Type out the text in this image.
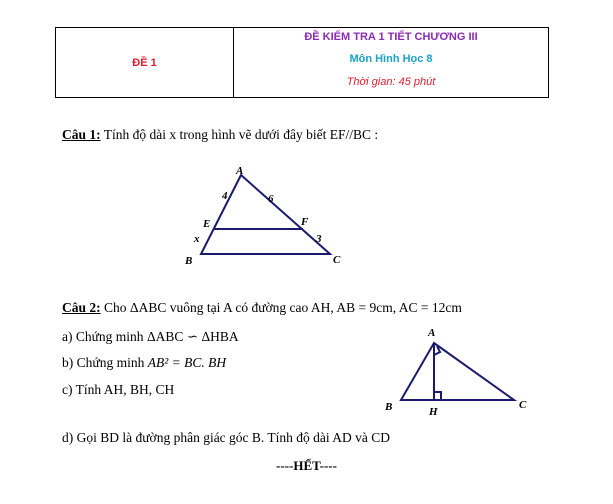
ĐỀ 1
ĐỀ KIỂM TRA 1 TIẾT CHƯƠNG III
Môn Hình Học 8
Thời gian: 45 phút
Câu 1: Tính độ dài x trong hình vẽ dưới đây biết EF//BC :
A
B	C
E	F
4	6
3
x
Câu 2: Cho ΔABC vuông tại A có đường cao AH, AB = 9cm, AC = 12cm
a) Chứng minh ΔABC ∽ ΔHBA
b) Chứng minh AB² = BC. BH
c) Tính AH, BH, CH
d) Gọi BD là đường phân giác góc B. Tính độ dài AD và CD
A
B	C
H
----HẾT----
